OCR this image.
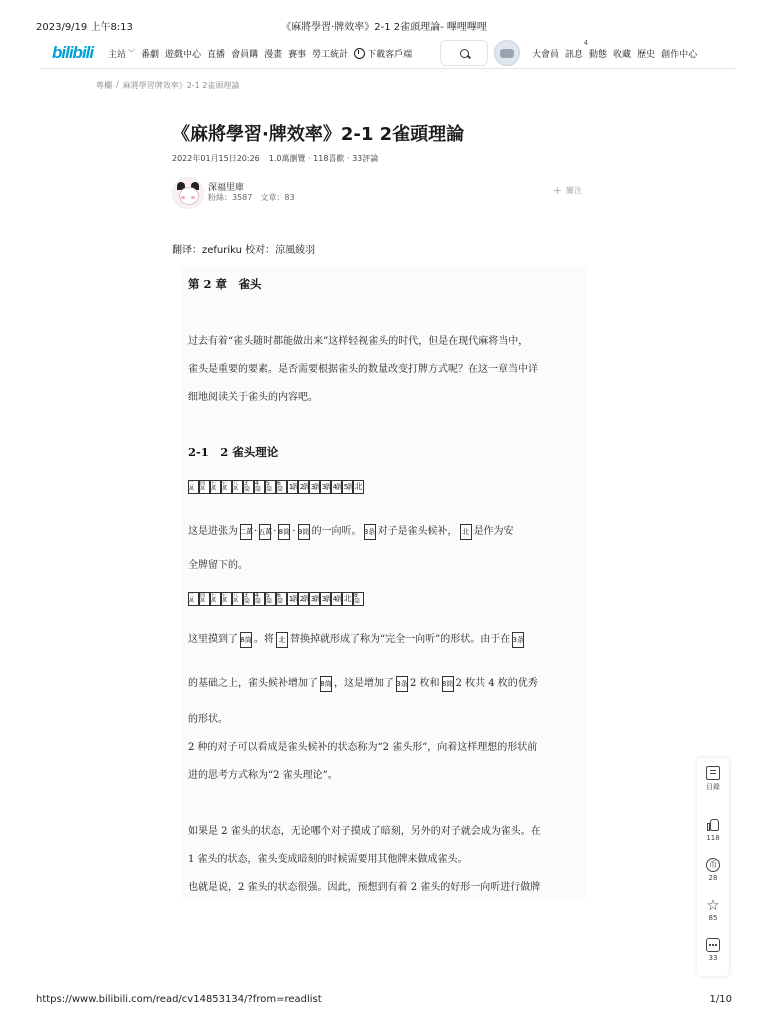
2023/9/19 上午8:13	《麻將學習·牌效率》2-1 2雀頭理論- 嗶哩嗶哩
bilibili 主站 ﹀ 番劇 遊戲中心 直播 會員購 漫畫 賽事 勞工統計 下載客戶端	大會員 訊息
4
動態 收藏 歷史 創作中心
專欄 / 麻將學習牌效率》2-1 2雀頭理論
《麻將學習·牌效率》2-1 2雀頭理論
2022年01月15日20:26 1.0萬瀏覽 · 118喜歡 · 33評論
深福里庫
粉絲：3587 文章：83
+ 關注
翻译：zefuriku 校对：涼風綾羽
第 2 章　雀头
过去有着“雀头随时都能做出来”这样轻视雀头的时代，但是在现代麻将当中，
雀头是重要的要素。是否需要根据雀头的数量改变打牌方式呢？在这一章当中详
细地阅读关于雀头的内容吧。
2-1　2 雀头理论
二萬
四萬
七萬
七萬
八萬
3筒
4筒
5筒
6筒 1条 2条 3条 3条 4条 5条 北
这是进张为二萬·五萬· 8筒 · 9筒 的一向听。 3条 对子是雀头候补， 北 是作为安
全牌留下的。
二萬
四萬
七萬
七萬
八萬
3筒
4筒
5筒
6筒 1条 2条 3条 3条 4条 北 8筒
这里摸到了 8筒 。将 北 替换掉就形成了称为“完全一向听”的形状。由于在 3条
的基础之上，雀头候补增加了 8筒 ，这是增加了 3条 2 枚和 8筒 2 枚共 4 枚的优秀
的形状。
2 种的对子可以看成是雀头候补的状态称为“2 雀头形”，向着这样理想的形状前
进的思考方式称为“2 雀头理论”。
如果是 2 雀头的状态，无论哪个对子摸成了暗刻，另外的对子就会成为雀头。在
1 雀头的状态，雀头变成暗刻的时候需要用其他牌来做成雀头。
也就是说，2 雀头的状态很强。因此，预想到有着 2 雀头的好形一向听进行做牌
目錄
118
币
28
☆
85
33
https://www.bilibili.com/read/cv14853134/?from=readlist	1/10
